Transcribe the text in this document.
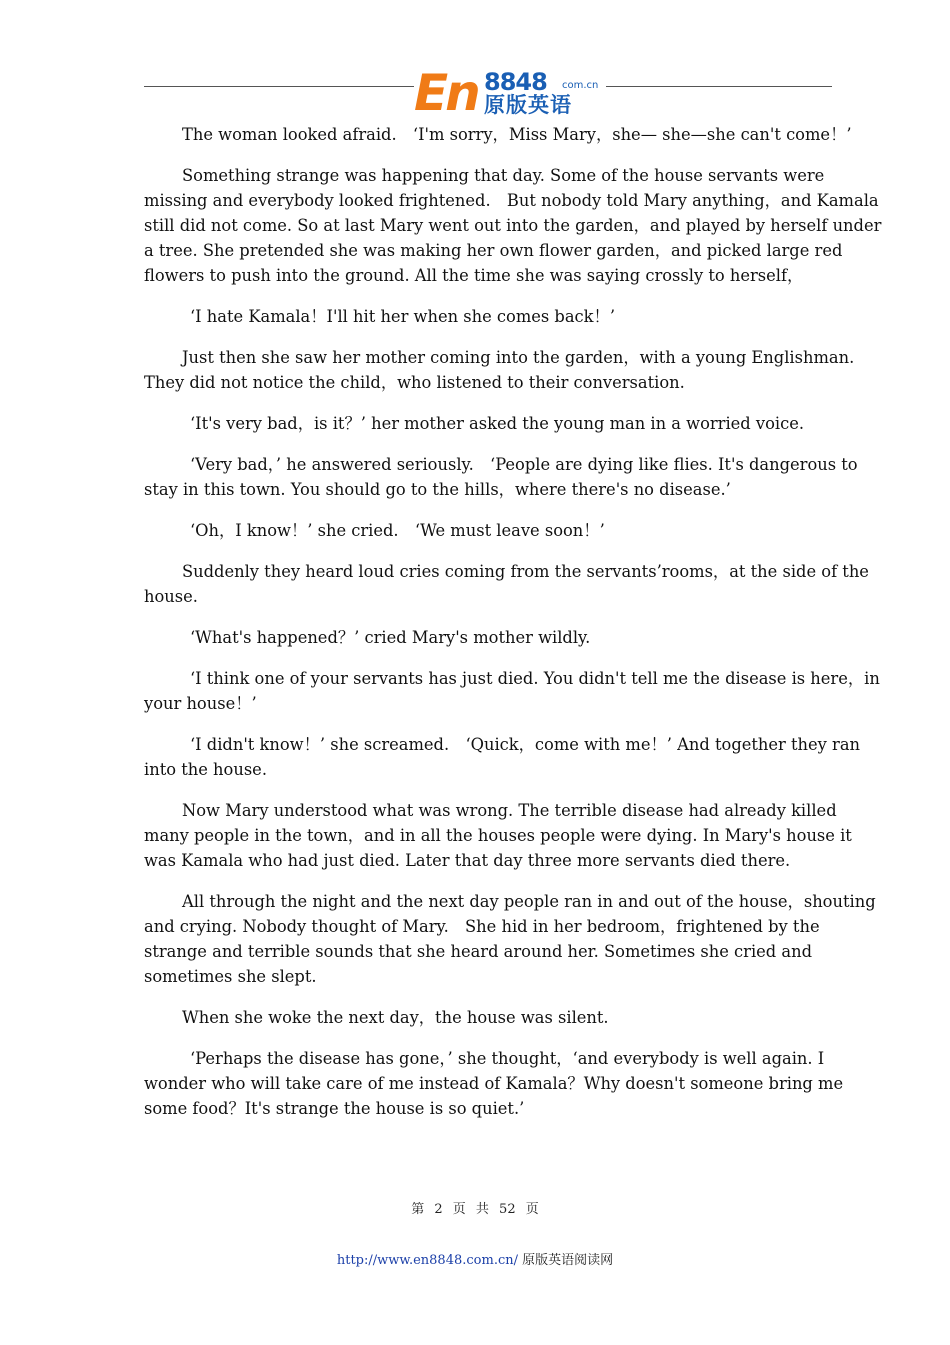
En 8848 com.cn
原版英语

The woman looked afraid.　‘I'm sorry，Miss Mary，she— she—she can't come！’

Something strange was happening that day. Some of the house servants were missing and everybody looked frightened.　But nobody told Mary anything，and Kamala still did not come. So at last Mary went out into the garden，and played by herself under a tree. She pretended she was making her own flower garden，and picked large red flowers to push into the ground. All the time she was saying crossly to herself，

‘I hate Kamala！I'll hit her when she comes back！’

Just then she saw her mother coming into the garden，with a young Englishman. They did not notice the child，who listened to their conversation.

‘It's very bad，is it？’ her mother asked the young man in a worried voice.

‘Very bad，’ he answered seriously.　‘People are dying like flies. It's dangerous to stay in this town. You should go to the hills，where there's no disease.’

‘Oh，I know！’ she cried.　‘We must leave soon！’

Suddenly they heard loud cries coming from the servants’rooms，at the side of the house.

‘What's happened？’ cried Mary's mother wildly.

‘I think one of your servants has just died. You didn't tell me the disease is here，in your house！’

‘I didn't know！’ she screamed.　‘Quick，come with me！’ And together they ran into the house.

Now Mary understood what was wrong. The terrible disease had already killed many people in the town，and in all the houses people were dying. In Mary's house it was Kamala who had just died. Later that day three more servants died there.

All through the night and the next day people ran in and out of the house，shouting and crying. Nobody thought of Mary.　She hid in her bedroom，frightened by the strange and terrible sounds that she heard around her. Sometimes she cried and sometimes she slept.

When she woke the next day，the house was silent.

‘Perhaps the disease has gone，’ she thought，‘and everybody is well again. I wonder who will take care of me instead of Kamala？Why doesn't someone bring me some food？It's strange the house is so quiet.’

第 2 页 共 52 页
http://www.en8848.com.cn/ 原版英语阅读网
